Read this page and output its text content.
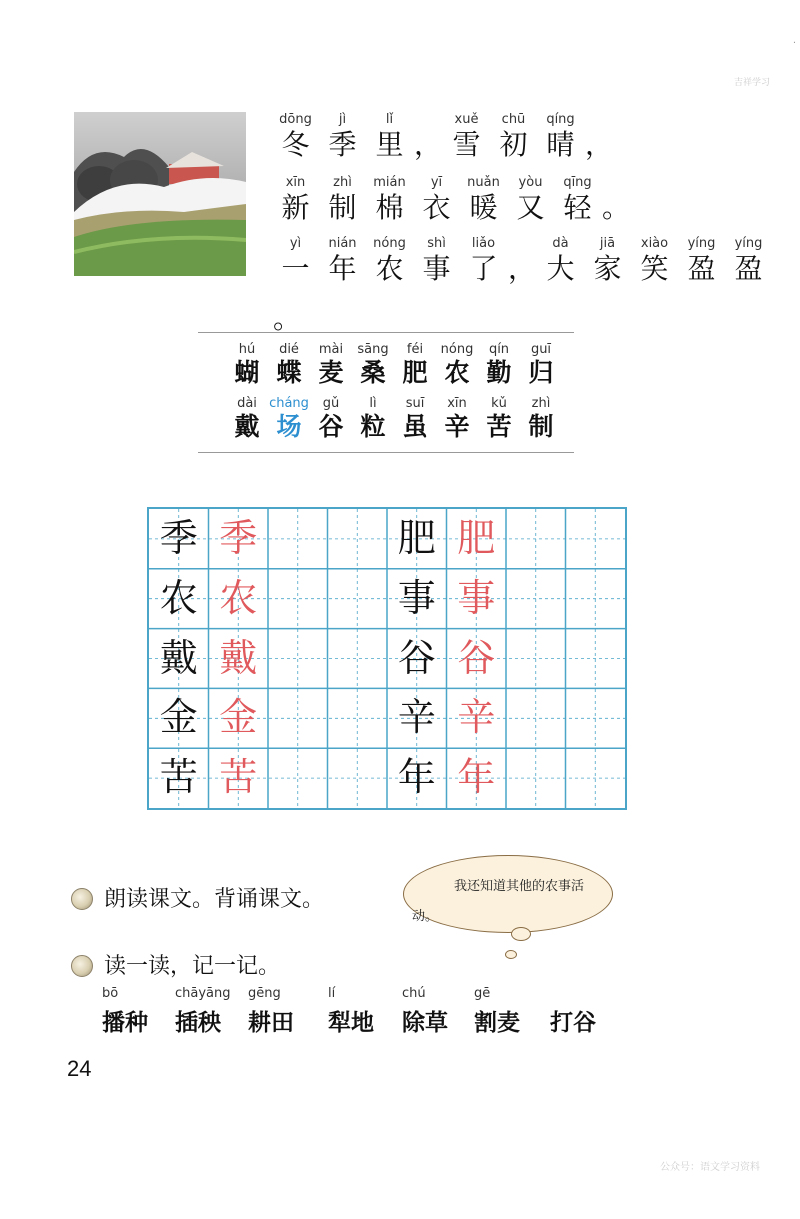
·
吉祥学习
dōng
冬
jì
季
lǐ
里 ，
xuě
雪
chū
初
qíng
晴 ，
xīn
新
zhì
制
mián
棉
yī
衣
nuǎn
暖
yòu
又
qīng
轻 。
yì
一
nián
年
nóng
农
shì
事
liǎo
了 ，
dà
大
jiā
家
xiào
笑
yíng
盈
yíng
盈
。
hú
蝴
dié
蝶
mài
麦
sāng
桑
féi
肥
nóng
农
qín
勤
guī
归
dài
戴
cháng
场
gǔ
谷
lì
粒
suī
虽
xīn
辛
kǔ
苦
zhì
制
季
农
戴
金
苦
季
农
戴
金
苦
肥
事
谷
辛
年
肥
事
谷
辛
年
朗读课文。背诵课文。
我还知道其他的农事活动。
读一读，记一记。
bō
播种
chāyāng
插秧
gēng
耕田
lí
犁地
chú
除草
gē
割麦 打谷
24
公众号：语文学习资料
